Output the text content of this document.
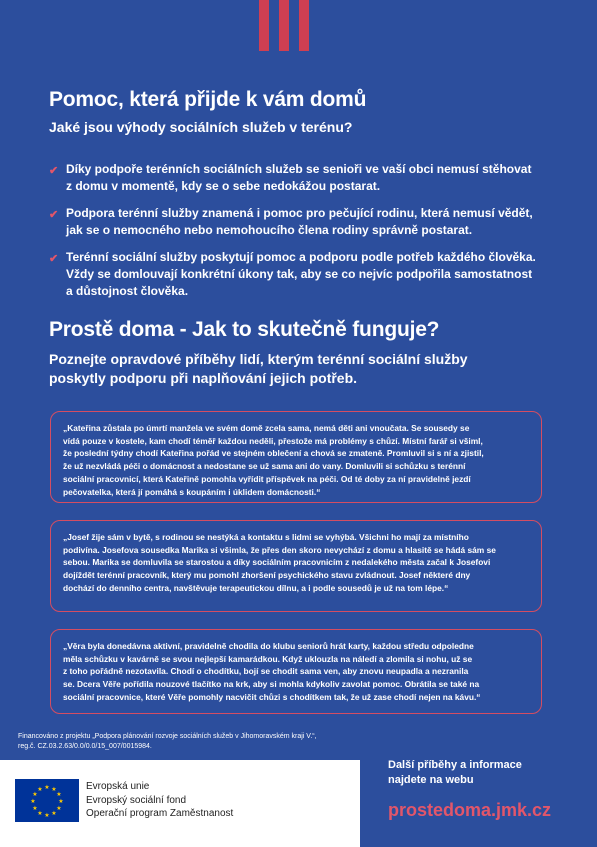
Pomoc, která přijde k vám domů
Jaké jsou výhody sociálních služeb v terénu?
✔ Díky podpoře terénních sociálních služeb se senioři ve vaší obci nemusí stěhovat
z domu v momentě, kdy se o sebe nedokážou postarat.
✔ Podpora terénní služby znamená i pomoc pro pečující rodinu, která nemusí vědět,
jak se o nemocného nebo nemohoucího člena rodiny správně postarat.
✔ Terénní sociální služby poskytují pomoc a podporu podle potřeb každého člověka.
Vždy se domlouvají konkrétní úkony tak, aby se co nejvíc podpořila samostatnost
a důstojnost člověka.
Prostě doma - Jak to skutečně funguje?
Poznejte opravdové příběhy lidí, kterým terénní sociální služby
poskytly podporu při naplňování jejich potřeb.
„Kateřina zůstala po úmrtí manžela ve svém domě zcela sama, nemá děti ani vnoučata. Se sousedy se
vídá pouze v kostele, kam chodí téměř každou neděli, přestože má problémy s chůzí. Místní farář si všiml,
že poslední týdny chodí Kateřina pořád ve stejném oblečení a chová se zmateně. Promluvil si s ní a zjistil,
že už nezvládá péči o domácnost a nedostane se už sama ani do vany. Domluvili si schůzku s terénní
sociální pracovnicí, která Kateřině pomohla vyřídit příspěvek na péči. Od té doby za ní pravidelně jezdí
pečovatelka, která jí pomáhá s koupáním i úklidem domácnosti.“
„Josef žije sám v bytě, s rodinou se nestýká a kontaktu s lidmi se vyhýbá. Všichni ho mají za místního
podivína. Josefova sousedka Marika si všimla, že přes den skoro nevychází z domu a hlasitě se hádá sám se
sebou. Marika se domluvila se starostou a díky sociálním pracovnicím z nedalekého města začal k Josefovi
dojíždět terénní pracovník, který mu pomohl zhoršení psychického stavu zvládnout. Josef některé dny
dochází do denního centra, navštěvuje terapeutickou dílnu, a i podle sousedů je už na tom lépe.“
„Věra byla donedávna aktivní, pravidelně chodila do klubu seniorů hrát karty, každou středu odpoledne
měla schůzku v kavárně se svou nejlepší kamarádkou. Když uklouzla na náledí a zlomila si nohu, už se
z toho pořádně nezotavila. Chodí o chodítku, bojí se chodit sama ven, aby znovu neupadla a nezranila
se. Dcera Věře pořídila nouzové tlačítko na krk, aby si mohla kdykoliv zavolat pomoc. Obrátila se také na
sociální pracovnice, které Věře pomohly nacvičit chůzi s chodítkem tak, že už zase chodí nejen na kávu.“
Financováno z projektu „Podpora plánování rozvoje sociálních služeb v Jihomoravském kraji V.“,
reg.č. CZ.03.2.63/0.0/0.0/15_007/0015984.
★ ★
★
★
★
★
★
★
★
★
★
★	Evropská unie
Evropský sociální fond
Operační program Zaměstnanost
Další příběhy a informace
najdete na webu
prostedoma.jmk.cz
